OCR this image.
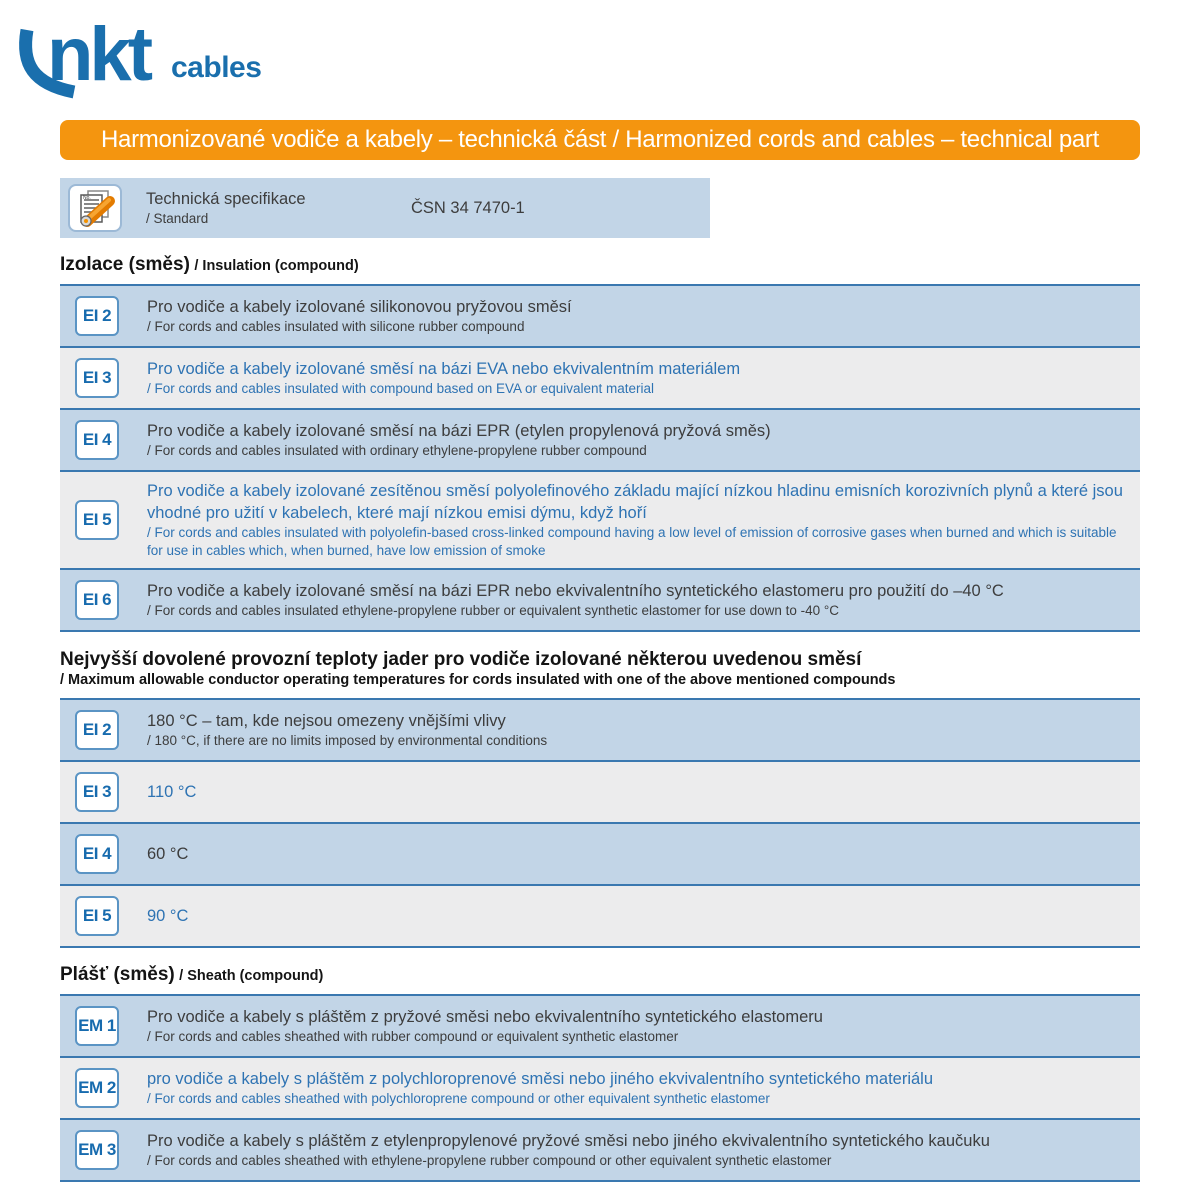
nkt cables
Harmonizované vodiče a kabely – technická část / Harmonized cords and cables – technical part
No.	Technická specifikace
/ Standard
ČSN 34 7470-1
Izolace (směs) / Insulation (compound)
EI 2	Pro vodiče a kabely izolované silikonovou pryžovou směsí
/ For cords and cables insulated with silicone rubber compound
EI 3	Pro vodiče a kabely izolované směsí na bázi EVA nebo ekvivalentním materiálem
/ For cords and cables insulated with compound based on EVA or equivalent material
EI 4	Pro vodiče a kabely izolované směsí na bázi EPR (etylen propylenová pryžová směs)
/ For cords and cables insulated with ordinary ethylene-propylene rubber compound
EI 5
Pro vodiče a kabely izolované zesítěnou směsí polyolefinového základu mající nízkou hladinu emisních korozivních plynů a které jsou vhodné pro užití v kabelech, které mají nízkou emisi dýmu, když hoří
/ For cords and cables insulated with polyolefin-based cross-linked compound having a low level of emission of corrosive gases when burned and which is suitable for use in cables which, when burned, have low emission of smoke
EI 6	Pro vodiče a kabely izolované směsí na bázi EPR nebo ekvivalentního syntetického elastomeru pro použití do –40 °C
/ For cords and cables insulated ethylene-propylene rubber or equivalent synthetic elastomer for use down to -40 °C
Nejvyšší dovolené provozní teploty jader pro vodiče izolované některou uvedenou směsí
/ Maximum allowable conductor operating temperatures for cords insulated with one of the above mentioned compounds
EI 2	180 °C – tam, kde nejsou omezeny vnějšími vlivy
/ 180 °C, if there are no limits imposed by environmental conditions
EI 3	110 °C
EI 4	60 °C
EI 5	90 °C
Plášť (směs) / Sheath (compound)
EM 1 Pro vodiče a kabely s pláštěm z pryžové směsi nebo ekvivalentního syntetického elastomeru
/ For cords and cables sheathed with rubber compound or equivalent synthetic elastomer
EM 2 pro vodiče a kabely s pláštěm z polychloroprenové směsi nebo jiného ekvivalentního syntetického materiálu
/ For cords and cables sheathed with polychloroprene compound or other equivalent synthetic elastomer
EM 3 Pro vodiče a kabely s pláštěm z etylenpropylenové pryžové směsi nebo jiného ekvivalentního syntetického kaučuku
/ For cords and cables sheathed with ethylene-propylene rubber compound or other equivalent synthetic elastomer
